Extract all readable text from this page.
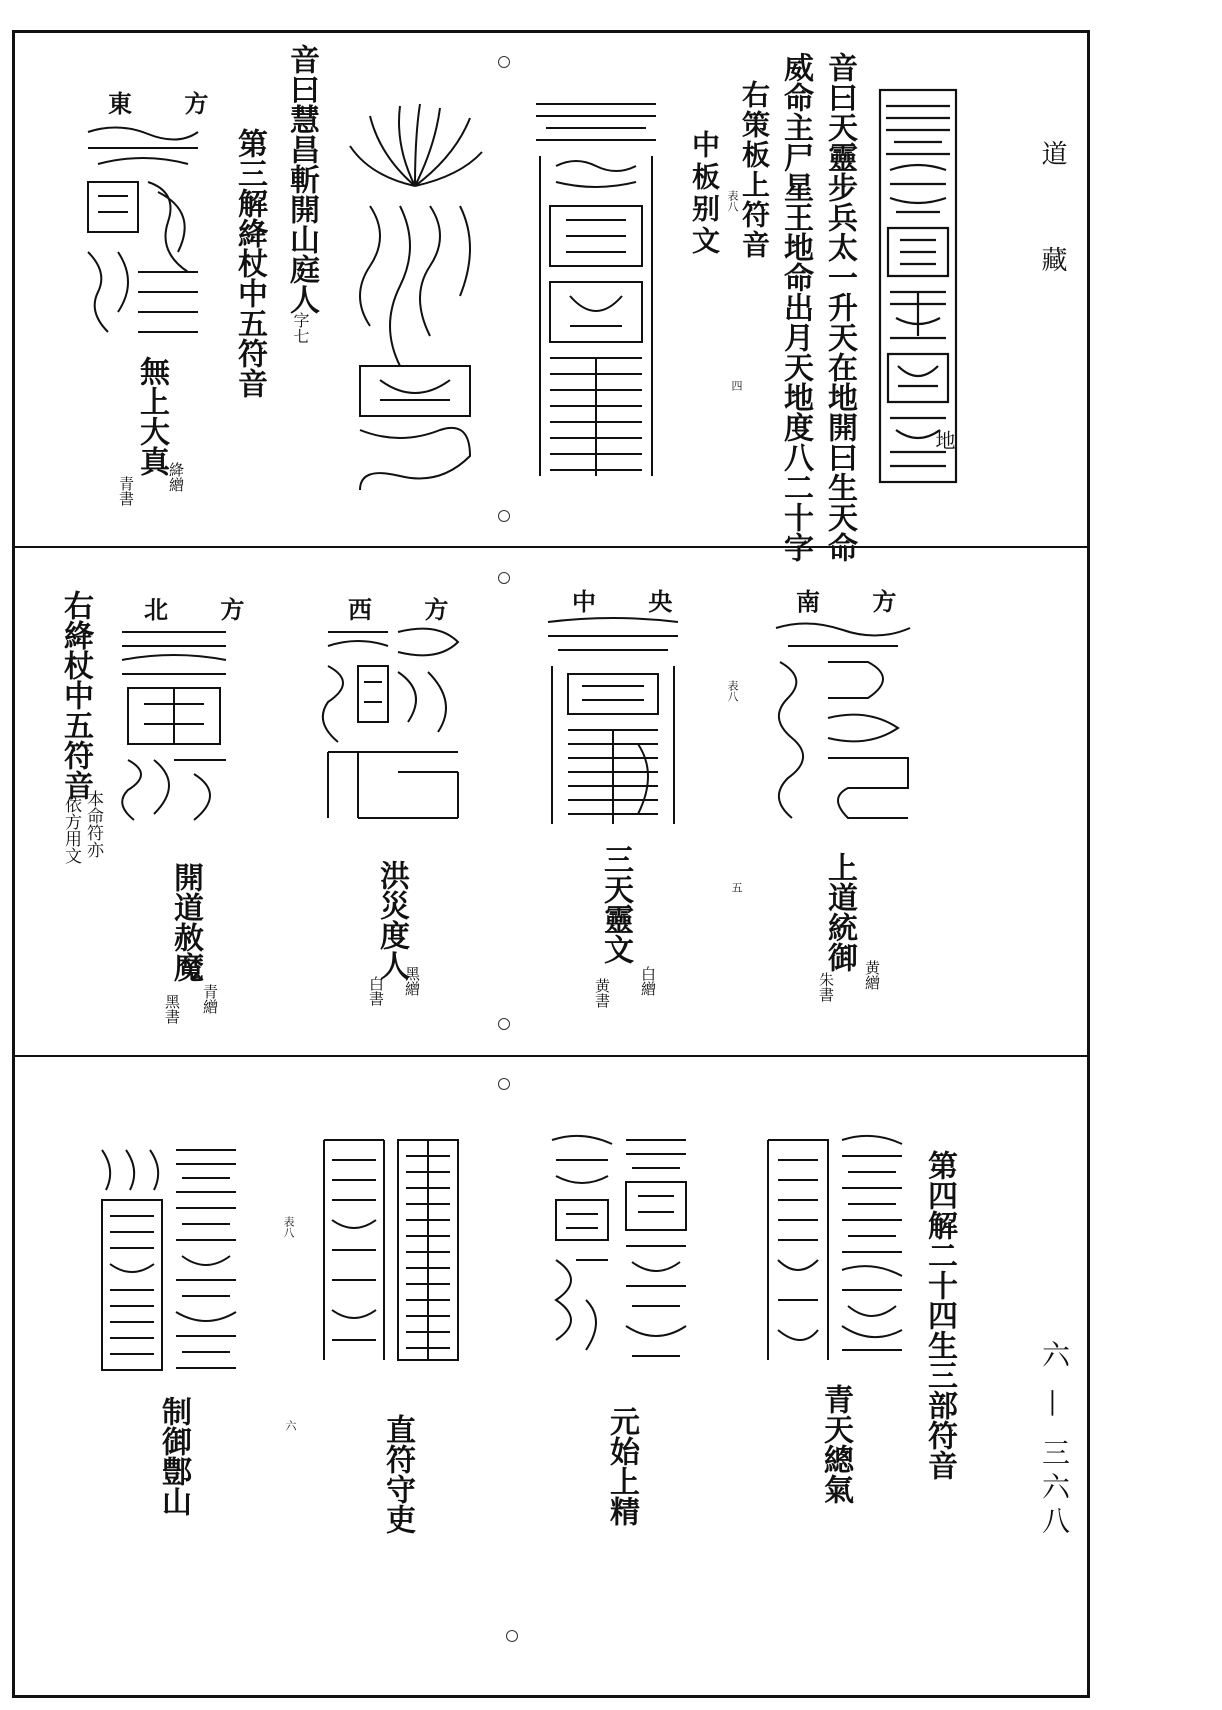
道 藏
六 — 三六八
地
音曰天靈步兵太一升天在地開曰生天命
威命主尸星王地命出月天地度八二十字
右策板上符音
中板别文 表八
四
音曰慧昌斬開山庭人
字七
第三解絳杖中五符音
東 方
無上大真
絳繒
青書
南 方
上道統御
黄繒
朱書
表八
五
中 央
三天靈文
白繒
黄書
西 方
洪災度人
黑繒
白書
北 方
開道赦魔
青繒
黑書
右絳杖中五符音
本命符亦
依方用文
第四解二十四生三部符音
青天總氣
元始上精
表八
六	直符守吏
制御鄷山
